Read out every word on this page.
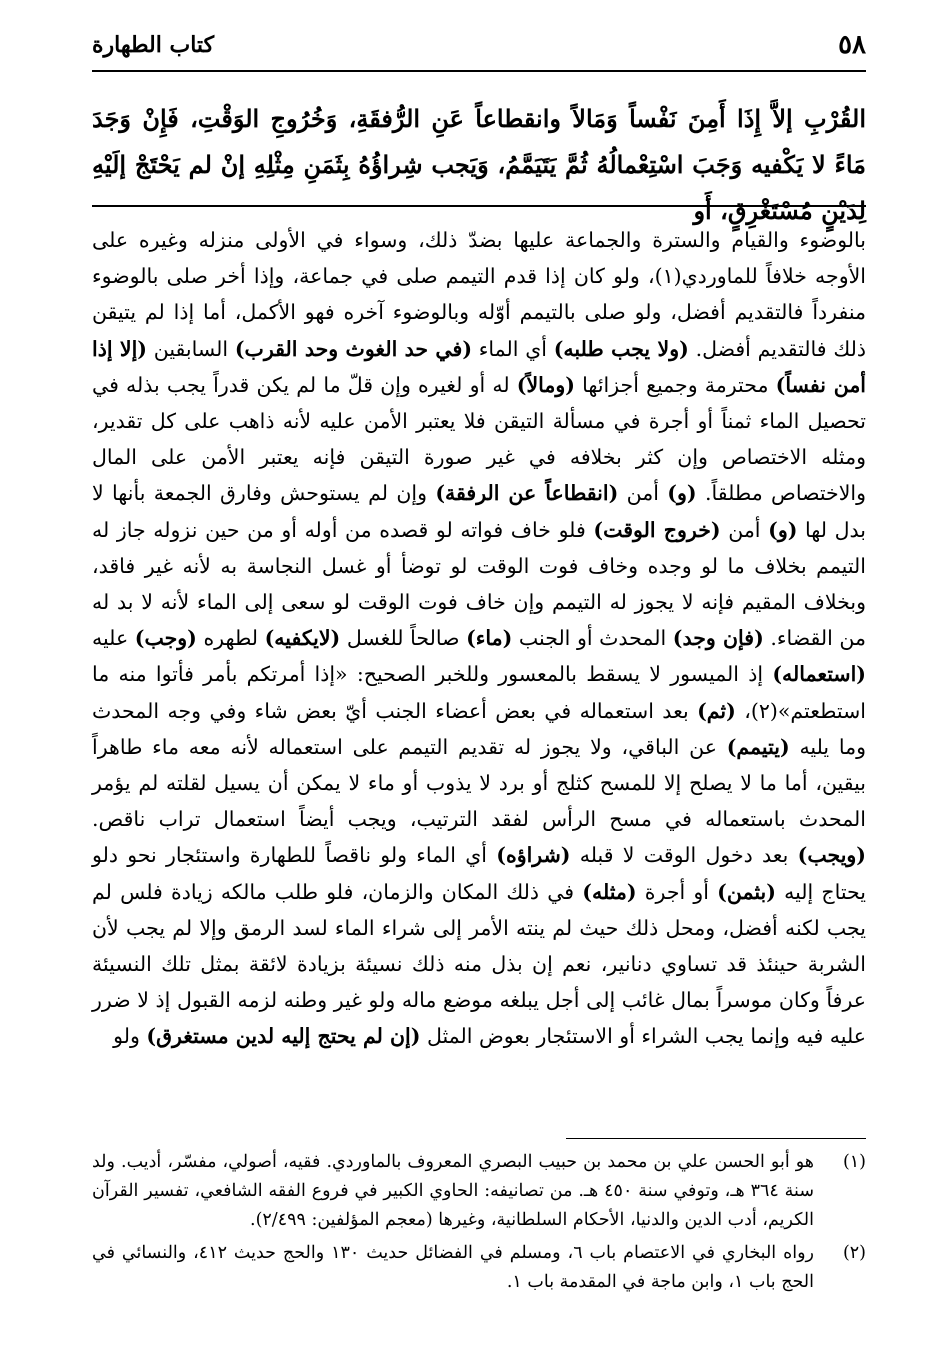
٥٨
كتاب الطهارة
القُرْبِ إلاَّ إِذَا أَمِنَ نَفْساً وَمَالاً وانقطاعاً عَنِ الرُّفقَةِ، وَخُرُوجِ الوَقْتِ، فَإِنْ وَجَدَ مَاءً لا يَكْفيه وَجَبَ اسْتِعْمالُهُ ثُمَّ يَتَيَمَّمُ، وَيَجب شِراؤُهُ بِثَمَنِ مِثْلِهِ إنْ لم يَحْتَجْ إلَيْهِ لِدَيْنٍ مُسْتَغْرِقٍ، أَو

بالوضوء والقيام والسترة والجماعة عليها بضدّ ذلك، وسواء في الأولى منزله وغيره على الأوجه خلافاً للماوردي(١)، ولو كان إذا قدم التيمم صلى في جماعة، وإذا أخر صلى بالوضوء منفرداً فالتقديم أفضل، ولو صلى بالتيمم أوّله وبالوضوء آخره فهو الأكمل، أما إذا لم يتيقن ذلك فالتقديم أفضل. (ولا يجب طلبه) أي الماء (في حد الغوث وحد القرب) السابقين (إلا إذا أمن نفساً) محترمة وجميع أجزائها (ومالاً) له أو لغيره وإن قلّ ما لم يكن قدراً يجب بذله في تحصيل الماء ثمناً أو أجرة في مسألة التيقن فلا يعتبر الأمن عليه لأنه ذاهب على كل تقدير، ومثله الاختصاص وإن كثر بخلافه في غير صورة التيقن فإنه يعتبر الأمن على المال والاختصاص مطلقاً. (و) أمن (انقطاعاً عن الرفقة) وإن لم يستوحش وفارق الجمعة بأنها لا بدل لها (و) أمن (خروج الوقت) فلو خاف فواته لو قصده من أوله أو من حين نزوله جاز له التيمم بخلاف ما لو وجده وخاف فوت الوقت لو توضأ أو غسل النجاسة به لأنه غير فاقد، وبخلاف المقيم فإنه لا يجوز له التيمم وإن خاف فوت الوقت لو سعى إلى الماء لأنه لا بد له من القضاء. (فإن وجد) المحدث أو الجنب (ماء) صالحاً للغسل (لايكفيه) لطهره (وجب) عليه (استعماله) إذ الميسور لا يسقط بالمعسور وللخبر الصحيح: «إذا أمرتكم بأمر فأتوا منه ما استطعتم»(٢)، (ثم) بعد استعماله في بعض أعضاء الجنب أيّ بعض شاء وفي وجه المحدث وما يليه (يتيمم) عن الباقي، ولا يجوز له تقديم التيمم على استعماله لأنه معه ماء طاهراً بيقين، أما ما لا يصلح إلا للمسح كثلج أو برد لا يذوب أو ماء لا يمكن أن يسيل لقلته لم يؤمر المحدث باستعماله في مسح الرأس لفقد الترتيب، ويجب أيضاً استعمال تراب ناقص. (ويجب) بعد دخول الوقت لا قبله (شراؤه) أي الماء ولو ناقصاً للطهارة واستئجار نحو دلو يحتاج إليه (بثمن) أو أجرة (مثله) في ذلك المكان والزمان، فلو طلب مالكه زيادة فلس لم يجب لكنه أفضل، ومحل ذلك حيث لم ينته الأمر إلى شراء الماء لسد الرمق وإلا لم يجب لأن الشربة حينئذ قد تساوي دنانير، نعم إن بذل منه ذلك نسيئة بزيادة لائقة بمثل تلك النسيئة عرفاً وكان موسراً بمال غائب إلى أجل يبلغه موضع ماله ولو غير وطنه لزمه القبول إذ لا ضرر عليه فيه وإنما يجب الشراء أو الاستئجار بعوض المثل (إن لم يحتج إليه لدين مستغرق) ولو

(١)
هو أبو الحسن علي بن محمد بن حبيب البصري المعروف بالماوردي. فقيه، أصولي، مفسّر، أديب. ولد سنة ٣٦٤ هـ، وتوفي سنة ٤٥٠ هـ. من تصانيفه: الحاوي الكبير في فروع الفقه الشافعي، تفسير القرآن الكريم، أدب الدين والدنيا، الأحكام السلطانية، وغيرها (معجم المؤلفين: ٢/٤٩٩).
(٢)
رواه البخاري في الاعتصام باب ٦، ومسلم في الفضائل حديث ١٣٠ والحج حديث ٤١٢، والنسائي في الحج باب ١، وابن ماجة في المقدمة باب ١.
